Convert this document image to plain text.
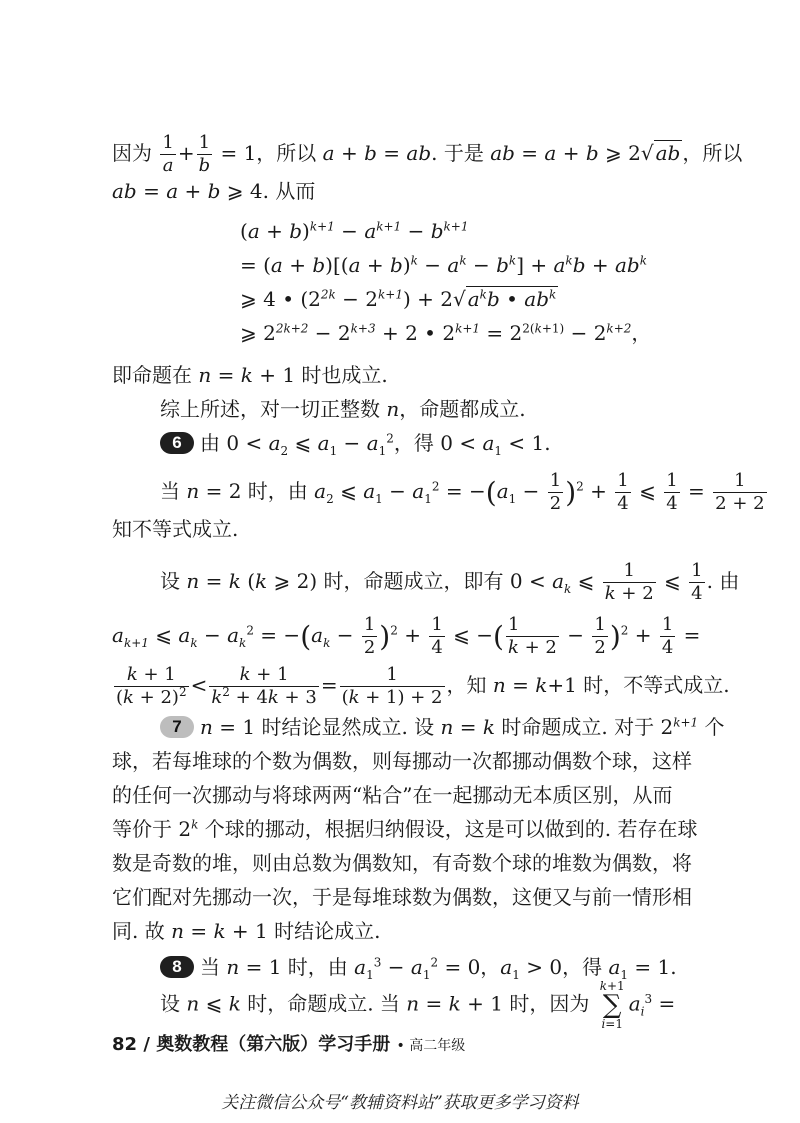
因为 $\frac{1}{a} + \frac{1}{b} = 1$，所以 a + b = ab. 于是 ab = a + b ⩾ 2√ ab ，所以
ab = a + b ⩾ 4. 从而
$(a + b)^{k+1} - a^{k+1} - b^{k+1}$
= $(a + b)[(a + b)^k - a^k - b^k] + a^kb + ab^k$
⩾ 4 • $(2^{2k} - 2^{k+1}) + 2√$ $a^kb$ • $ab^k$
⩾ $2^{2k+2} - 2^{k+3} + 2$ • $2^{k+1} = 2^{2(k+1)} - 2^{k+2}$，
即命题在 n = k + 1 时也成立.
综上所述，对一切正整数 n，命题都成立.
6 由 $0 < a_2$ ⩽ $a_1 - a_1^2$，得 $0 < a_1 < 1$.
当 n = 2 时，由 $a_2$ ⩽ $a_1 - a_1^2 = -(a_1 - \frac{1}{2} )^2 + \frac{1}{4}$ ⩽ $\frac{1}{4} = \frac{1}{2 + 2}$
知不等式成立.
设 n = k (k ⩾ 2) 时，命题成立，即有 $0 < a_k$ ⩽ $\frac{1}{k + 2}$ ⩽ $\frac{1}{4}$ . 由
$a_{k+1}$ ⩽ $a_k - a_k^2 = -(a_k - \frac{1}{2} )^2 + \frac{1}{4}$ ⩽ −( $\frac{1}{k + 2} - \frac{1}{2} )^2 + \frac{1}{4}$ =
$\frac{k + 1}{(k + 2)^2} < \frac{k + 1}{k^2 + 4k + 3} = \frac{1}{(k + 1) + 2}$ ，知 n = k+1 时，不等式成立.
7 n = 1 时结论显然成立. 设 n = k 时命题成立. 对于 $2^{k+1}$ 个
球，若每堆球的个数为偶数，则每挪动一次都挪动偶数个球，这样
的任何一次挪动与将球两两“粘合”在一起挪动无本质区别，从而
等价于 2$^k$ 个球的挪动，根据归纳假设，这是可以做到的. 若存在球
数是奇数的堆，则由总数为偶数知，有奇数个球的堆数为偶数，将
它们配对先挪动一次，于是每堆球数为偶数，这便又与前一情形相
同. 故 n = k + 1 时结论成立.
8 当 n = 1 时，由 $a_1^3 - a_1^2 = 0$，$a_1 > 0$，得 $a_1 = 1$.
设 n ⩽ k 时，命题成立. 当 n = k + 1 时，因为 k+1
∑
$i=1a_i^3$ =
82 / 奥数教程（第六版）学习手册 • 高二年级
关注微信公众号“教辅资料站”获取更多学习资料
